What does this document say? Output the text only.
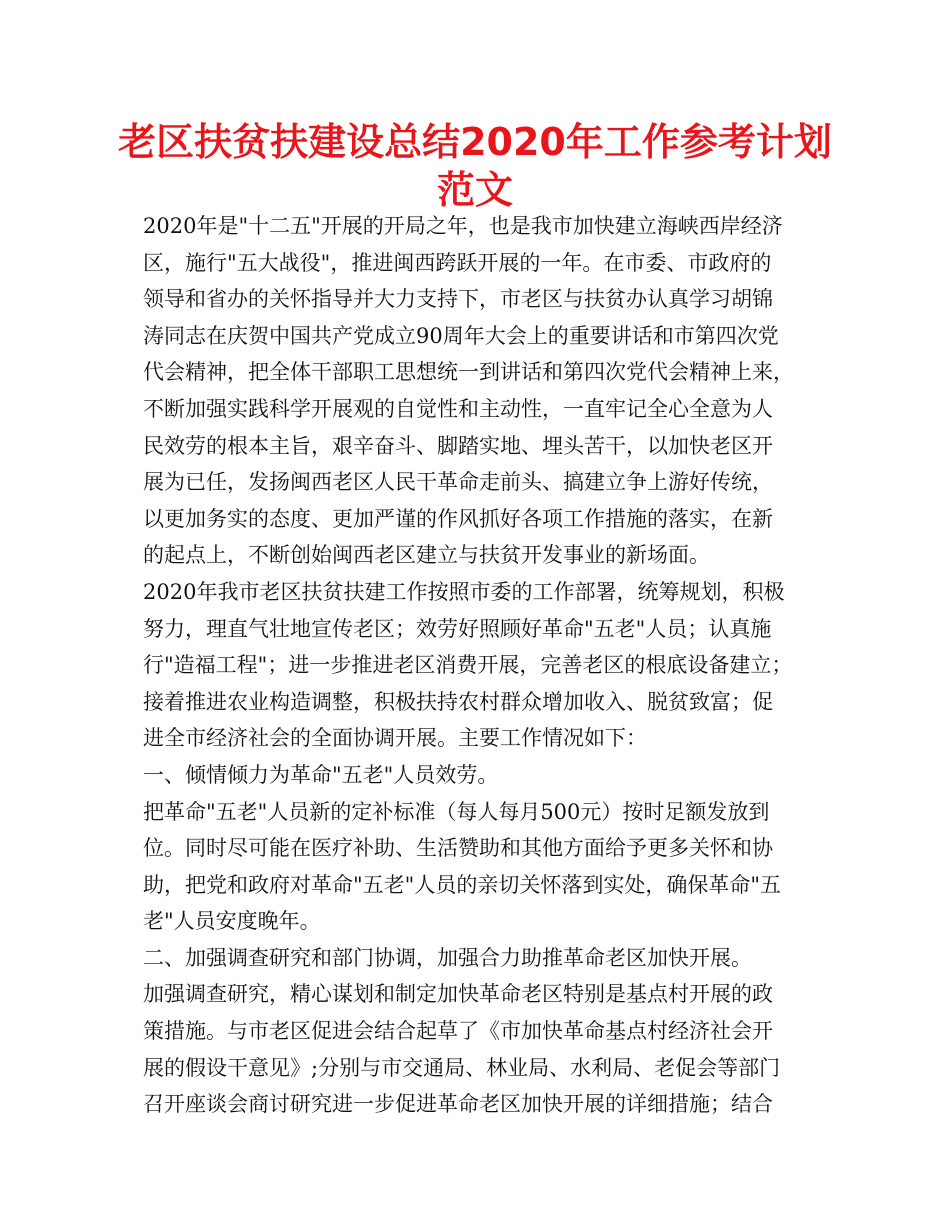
老区扶贫扶建设总结2020年工作参考计划
范文
2020年是"十二五"开展的开局之年，也是我市加快建立海峡西岸经济
区，施行"五大战役"，推进闽西跨跃开展的一年。在市委、市政府的
领导和省办的关怀指导并大力支持下，市老区与扶贫办认真学习胡锦
涛同志在庆贺中国共产党成立90周年大会上的重要讲话和市第四次党
代会精神，把全体干部职工思想统一到讲话和第四次党代会精神上来，
不断加强实践科学开展观的自觉性和主动性，一直牢记全心全意为人
民效劳的根本主旨，艰辛奋斗、脚踏实地、埋头苦干，以加快老区开
展为已任，发扬闽西老区人民干革命走前头、搞建立争上游好传统，
以更加务实的态度、更加严谨的作风抓好各项工作措施的落实，在新
的起点上，不断创始闽西老区建立与扶贫开发事业的新场面。
2020年我市老区扶贫扶建工作按照市委的工作部署，统筹规划，积极
努力，理直气壮地宣传老区；效劳好照顾好革命"五老"人员；认真施
行"造福工程"；进一步推进老区消费开展，完善老区的根底设备建立；
接着推进农业构造调整，积极扶持农村群众增加收入、脱贫致富；促
进全市经济社会的全面协调开展。主要工作情况如下：
一、倾情倾力为革命"五老"人员效劳。
把革命"五老"人员新的定补标准（每人每月500元）按时足额发放到
位。同时尽可能在医疗补助、生活赞助和其他方面给予更多关怀和协
助，把党和政府对革命"五老"人员的亲切关怀落到实处，确保革命"五
老"人员安度晚年。
二、加强调查研究和部门协调，加强合力助推革命老区加快开展。
加强调查研究，精心谋划和制定加快革命老区特别是基点村开展的政
策措施。与市老区促进会结合起草了《市加快革命基点村经济社会开
展的假设干意见》;分别与市交通局、林业局、水利局、老促会等部门
召开座谈会商讨研究进一步促进革命老区加快开展的详细措施；结合
